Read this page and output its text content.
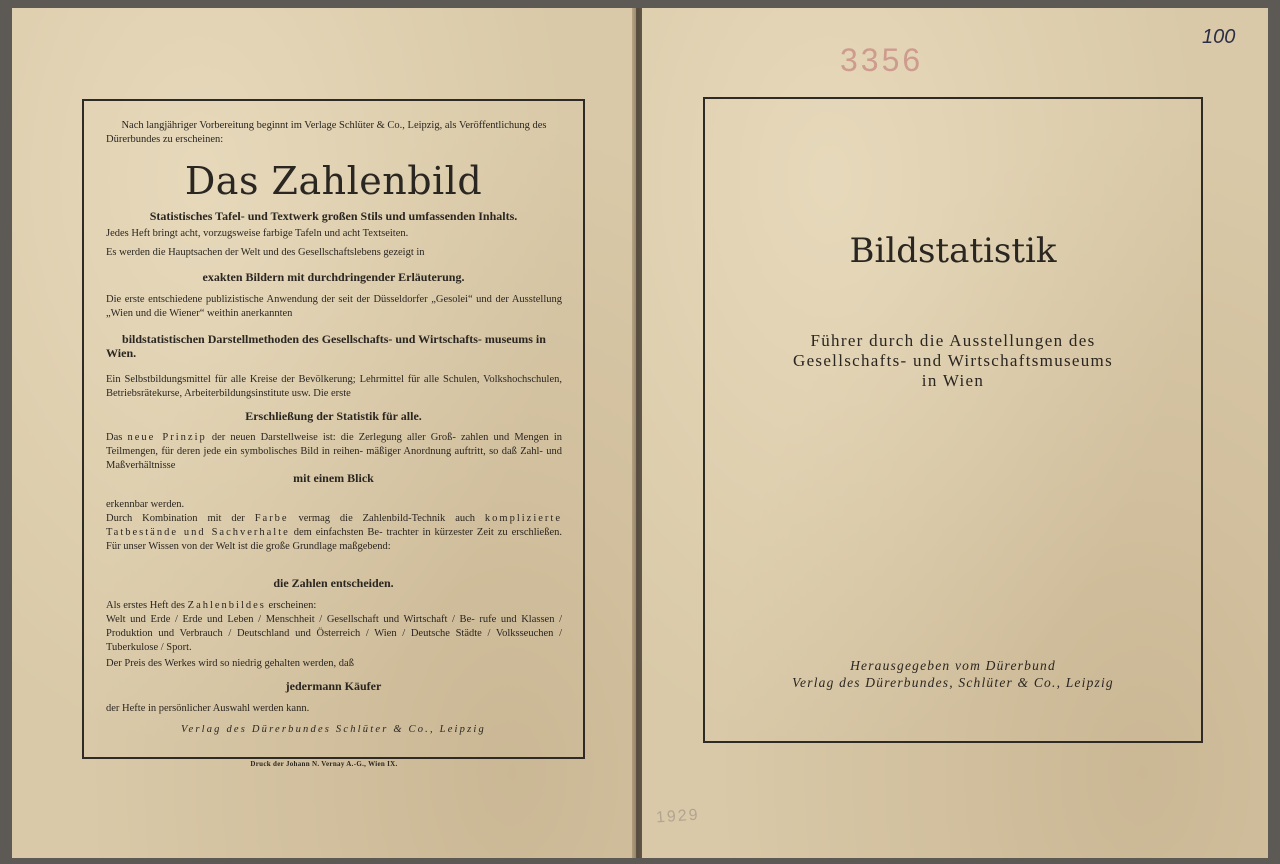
Nach langjähriger Vorbereitung beginnt im Verlage Schlüter & Co., Leipzig, als Veröffentlichung des Dürerbundes zu erscheinen:
Das Zahlenbild
Statistisches Tafel- und Textwerk großen Stils und umfassenden Inhalts.
Jedes Heft bringt acht, vorzugsweise farbige Tafeln und acht Textseiten.
Es werden die Hauptsachen der Welt und des Gesellschaftslebens gezeigt in
exakten Bildern mit durchdringender Erläuterung.
Die erste entschiedene publizistische Anwendung der seit der Düsseldorfer „Gesolei“ und der Ausstellung „Wien und die Wiener“ weithin anerkannten
bildstatistischen Darstellmethoden des Gesellschafts- und Wirtschafts- museums in Wien.
Ein Selbstbildungsmittel für alle Kreise der Bevölkerung; Lehrmittel für alle Schulen, Volkshochschulen, Betriebsrätekurse, Arbeiterbildungsinstitute usw. Die erste
Erschließung der Statistik für alle.
Das neue Prinzip der neuen Darstellweise ist: die Zerlegung aller Groß- zahlen und Mengen in Teilmengen, für deren jede ein symbolisches Bild in reihen- mäßiger Anordnung auftritt, so daß Zahl- und Maßverhältnisse
mit einem Blick
erkennbar werden.
Durch Kombination mit der Farbe vermag die Zahlenbild-Technik auch komplizierte Tatbestände und Sachverhalte dem einfachsten Be- trachter in kürzester Zeit zu erschließen. Für unser Wissen von der Welt ist die große Grundlage maßgebend:
die Zahlen entscheiden.
Als erstes Heft des Zahlenbildes erscheinen:
Welt und Erde / Erde und Leben / Menschheit / Gesellschaft und Wirtschaft / Be- rufe und Klassen / Produktion und Verbrauch / Deutschland und Österreich / Wien / Deutsche Städte / Volksseuchen / Tuberkulose / Sport.
Der Preis des Werkes wird so niedrig gehalten werden, daß
jedermann Käufer
der Hefte in persönlicher Auswahl werden kann.
Verlag des Dürerbundes Schlüter & Co., Leipzig
Druck der Johann N. Vernay A.-G., Wien IX.
3356
100
Bildstatistik
Führer durch die Ausstellungen des
Gesellschafts- und Wirtschaftsmuseums
in Wien
Herausgegeben vom Dürerbund
Verlag des Dürerbundes, Schlüter & Co., Leipzig
1929
